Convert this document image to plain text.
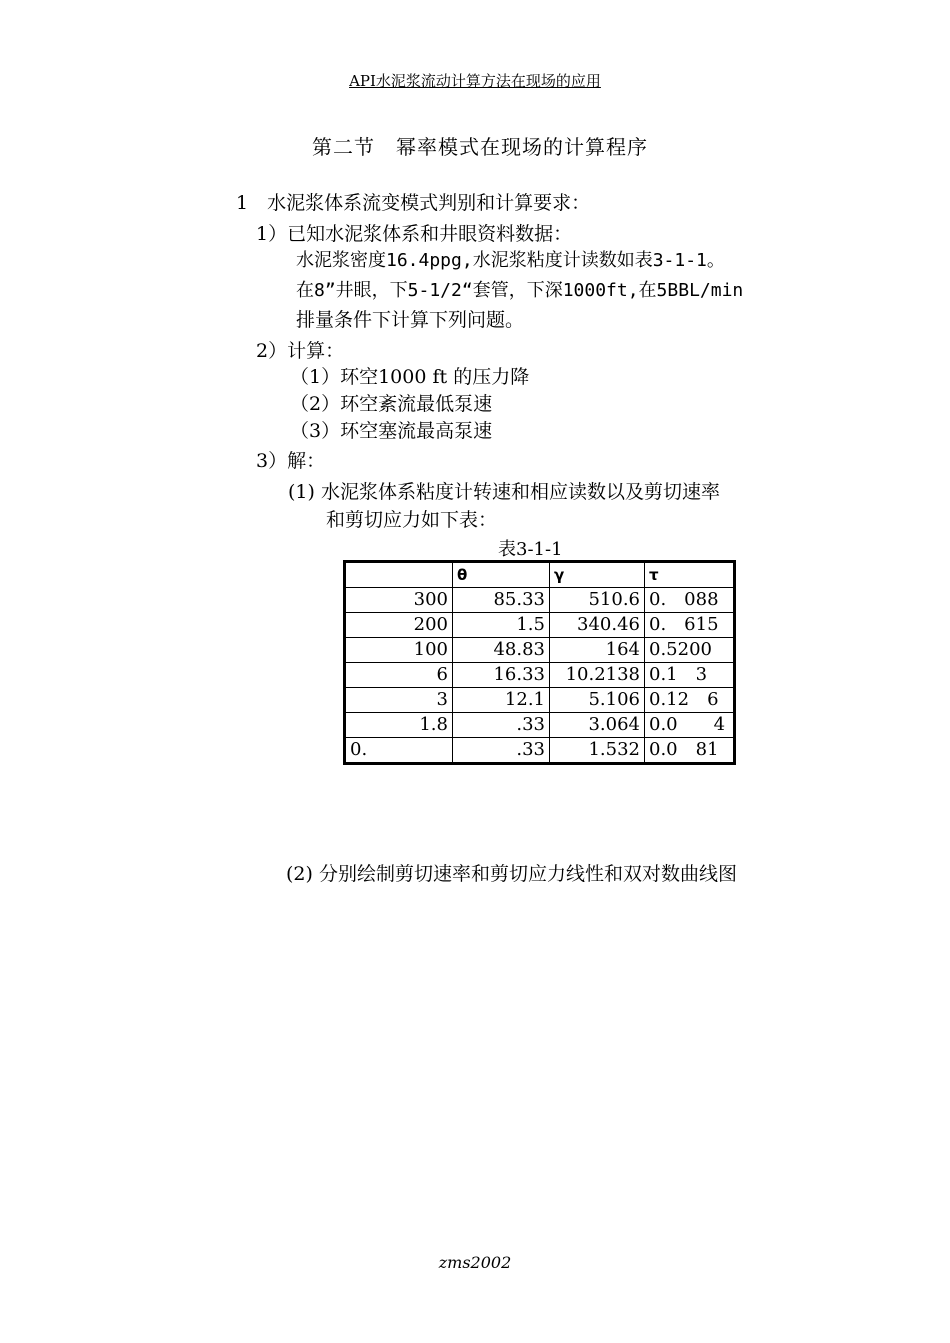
API水泥浆流动计算方法在现场的应用
第二节　幂率模式在现场的计算程序
1　水泥浆体系流变模式判别和计算要求：
1）已知水泥浆体系和井眼资料数据：
水泥浆密度16.4ppg,水泥浆粘度计读数如表3-1-1。
在8”井眼，下5-1/2“套管，下深1000ft,在5BBL/min
排量条件下计算下列问题。
2）计算：
（1）环空1000 ft 的压力降
（2）环空紊流最低泵速
（3）环空塞流最高泵速
3）解：
(1) 水泥浆体系粘度计转速和相应读数以及剪切速率
和剪切应力如下表：
表3-1-1
	θ	γ	τ
300	85.33	510.6	0.　088
200	1.5	340.46	0.　615
100	48.83	164	0.5200
6	16.33	10.2138	0.1　3
3	12.1	5.106	0.12　6
1.8	.33	3.064	0.0　　4
0.	.33	1.532	0.0　81
(2) 分别绘制剪切速率和剪切应力线性和双对数曲线图
zms2002
